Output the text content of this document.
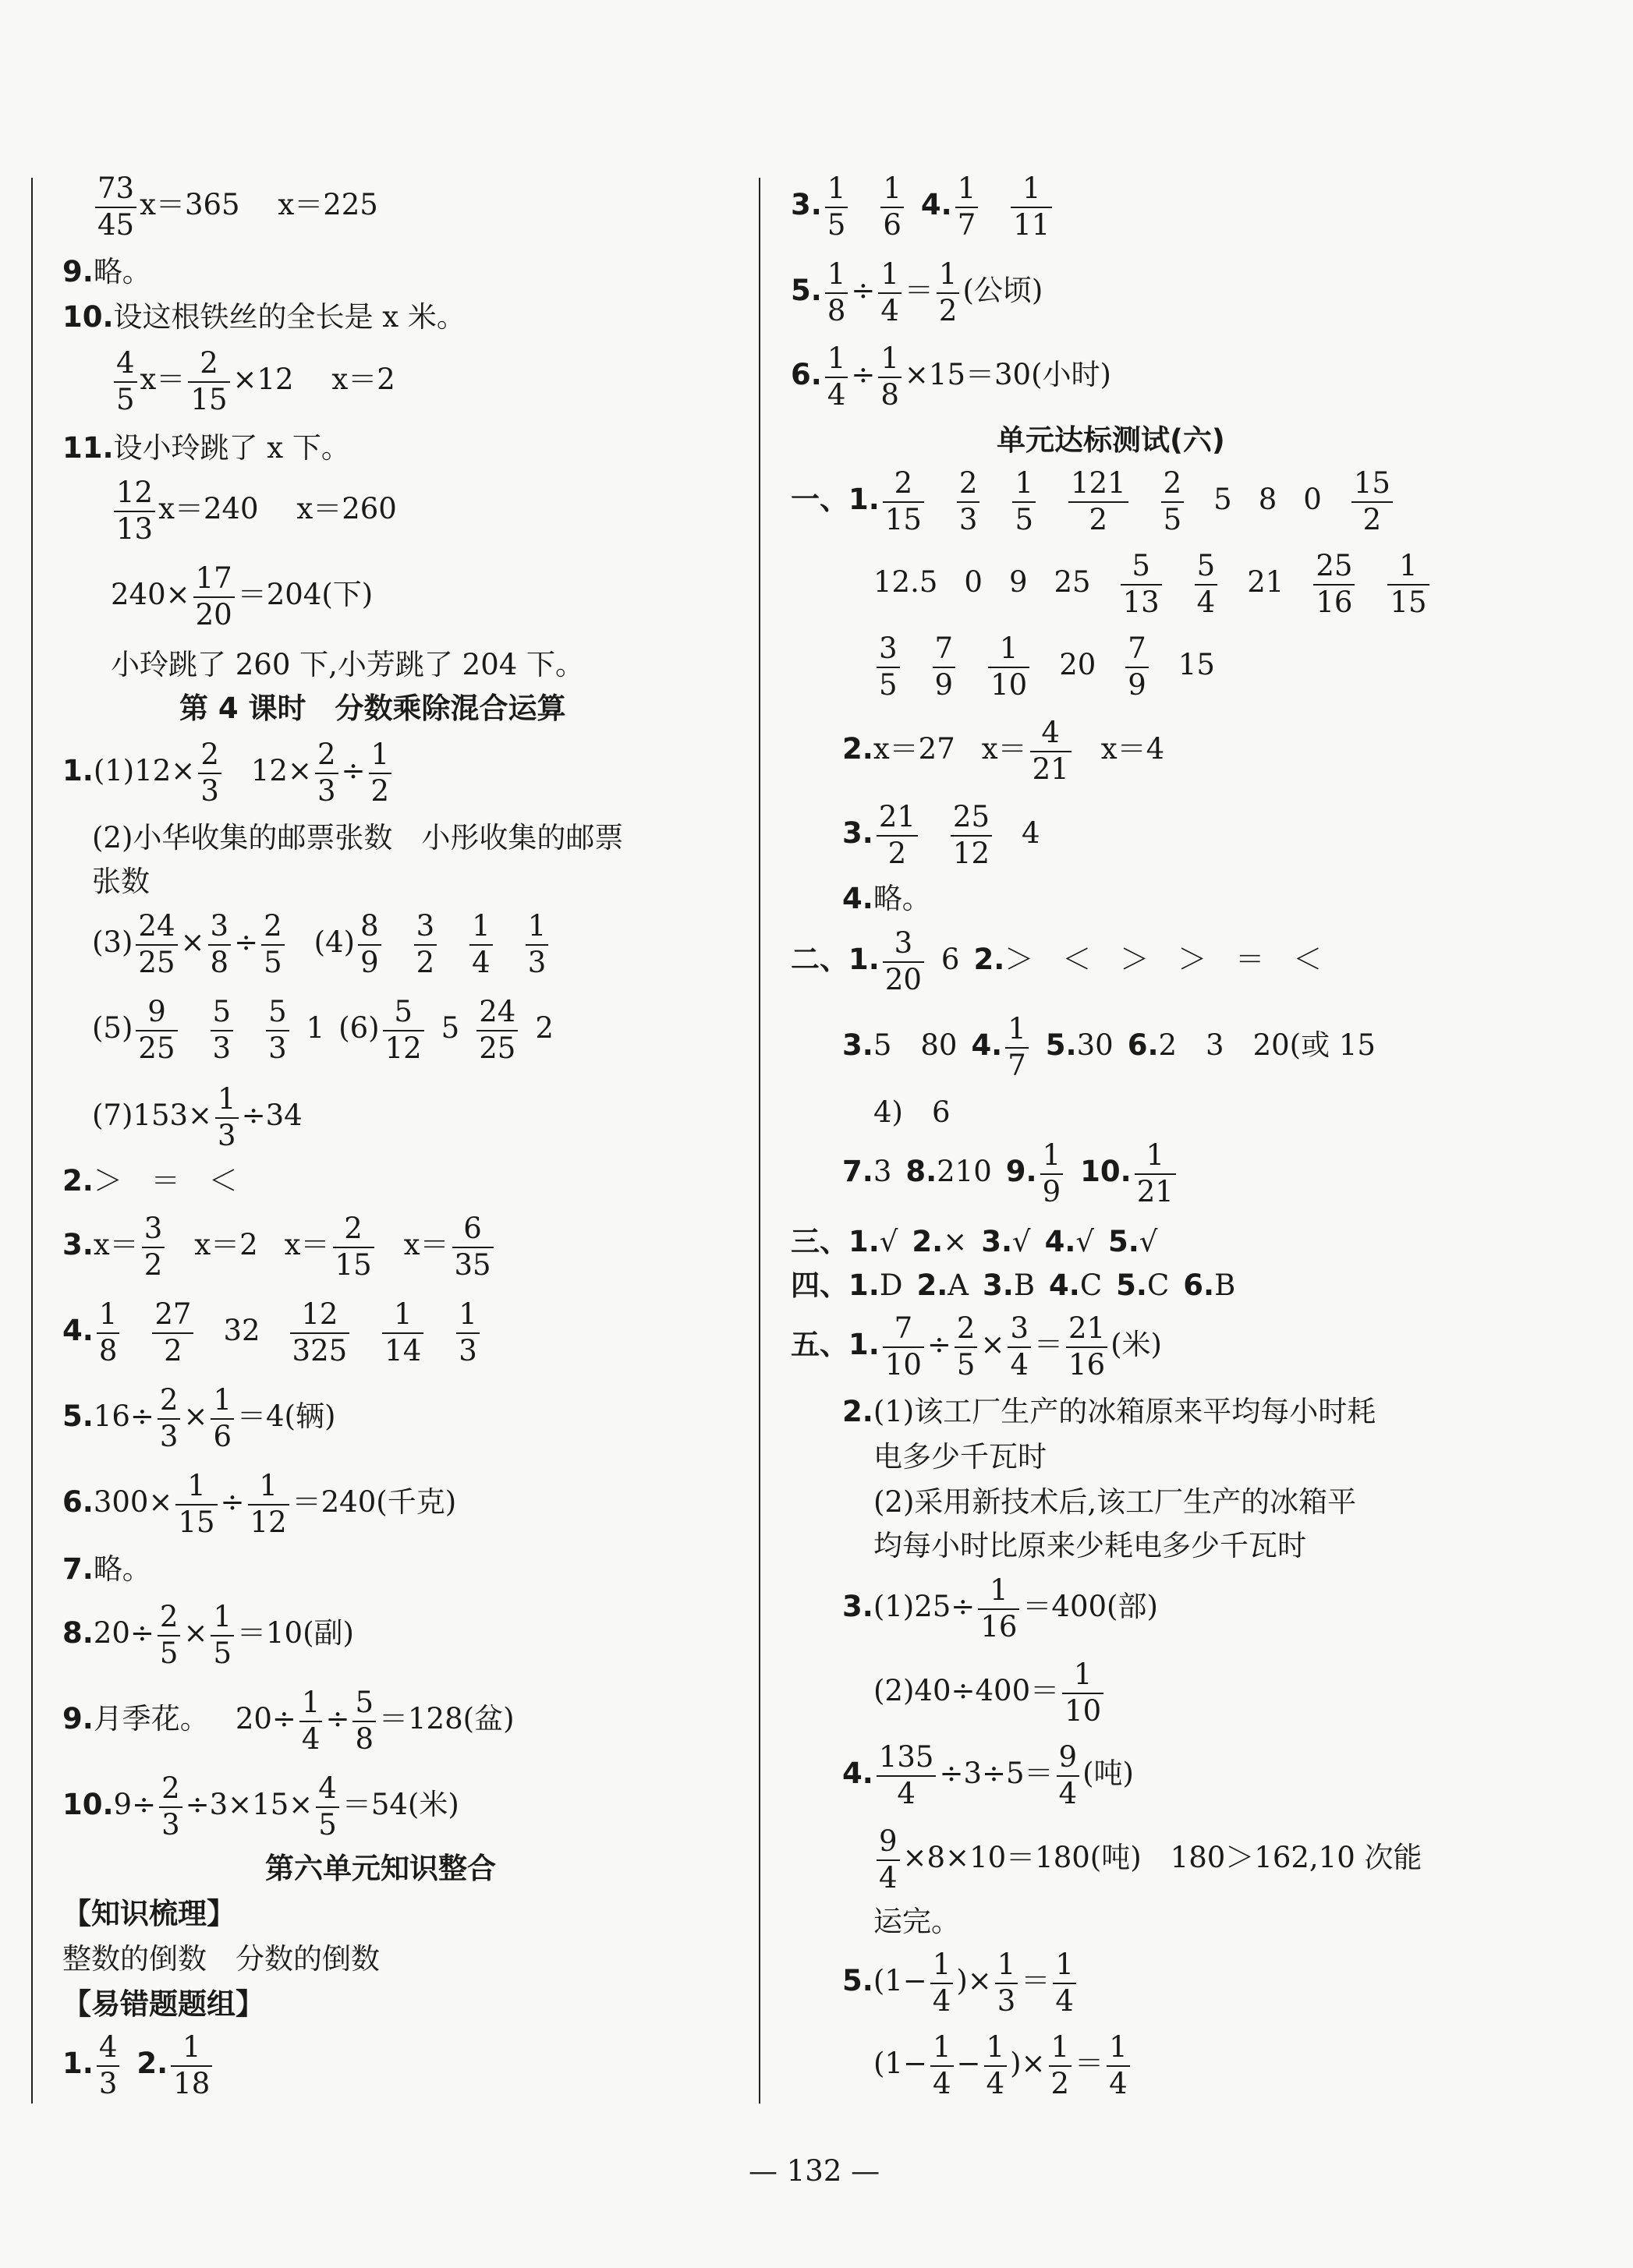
$\frac{73}{45} x=365$　 x＝225
9.略。
10.设这根铁丝的全长是 x 米。
$\frac{4}{5} x= \frac{2}{15} \times 12$　 x＝2
11.设小玲跳了 x 下。
$\frac{12}{13} x=240$　 x＝260
$240\times \frac{17}{20} =204$(下)
小玲跳了 260 下,小芳跳了 204 下。
第 4 课时　分数乘除混合运算
$1.(1)12\times \frac{2}{3} 12\times \frac{2}{3} \div \frac{1}{2}$
(2)小华收集的邮票张数　小彤收集的邮票
张数
$(3) \frac{24}{25} \times \frac{3}{8} \div \frac{2}{5} (4) \frac{8}{9} \frac{3}{2} \frac{1}{4} \frac{1}{3}$
$(5) \frac{9}{25} \frac{5}{3} \frac{5}{3} 1$ $(6) \frac{5}{12} 5 \frac{24}{25} 2$
$(7)153\times \frac{1}{3} \div 34$
2.＞　＝　＜
$3.x= \frac{3}{2} x=2$ $x= \frac{2}{15} x= \frac{6}{35}$
4. $\frac{1}{8} \frac{27}{2} 32 \frac{12}{325} \frac{1}{14} \frac{1}{3}$
$5.16\div \frac{2}{3} \times \frac{1}{6} =4$(辆)
$6.300\times \frac{1}{15} \div \frac{1}{12} =240$(千克)
7.略。
$8.20\div \frac{2}{5} \times \frac{1}{5} =10$(副)
9.月季花。 $20\div \frac{1}{4} \div \frac{5}{8} =128$(盆)
$10.9\div \frac{2}{3} \div 3\times 15\times \frac{4}{5} =54$(米)
第六单元知识整合
【知识梳理】
整数的倒数　分数的倒数
【易错题题组】
1. $\frac{4}{3} 2$. $\frac{1}{18}$
3. $\frac{1}{5} \frac{1}{6} 4$. $\frac{1}{7} \frac{1}{11}$
5. $\frac{1}{8} \div \frac{1}{4} = \frac{1}{2}$ (公顷)
6. $\frac{1}{4} \div \frac{1}{8} \times 15=30$(小时)
单元达标测试(六)
一、1. $\frac{2}{15} \frac{2}{3} \frac{1}{5} \frac{121}{2} \frac{2}{5} 5$ 8 $0 \frac{15}{2}$
12.5 0 9 $25 \frac{5}{13} \frac{5}{4} 21 \frac{25}{16} \frac{1}{15}$
$\frac{3}{5} \frac{7}{9} \frac{1}{10} 20 \frac{7}{9} 15$
2.x＝27 $x= \frac{4}{21} x=4$
3. $\frac{21}{2} \frac{25}{12} 4$
4.略。
二、1. $\frac{3}{20} 6$ 2.＞　＜　＞　＞　＝　＜
3.5　80 4. $\frac{1}{7} 5.30$ 6.2　3　20(或 15
4)　6
7.3 8.210 9. $\frac{1}{9} 10$. $\frac{1}{21}$
三、1.√ 2.× 3.√ 4.√ 5.√
四、1.D 2.A 3.B 4.C 5.C 6.B
五、1. $\frac{7}{10} \div \frac{2}{5} \times \frac{3}{4} = \frac{21}{16}$ (米)
2.(1)该工厂生产的冰箱原来平均每小时耗
电多少千瓦时
(2)采用新技术后,该工厂生产的冰箱平
均每小时比原来少耗电多少千瓦时
$3.(1)25\div \frac{1}{16} =400$(部)
$(2)40\div 400= \frac{1}{10}$
4. $\frac{135}{4} \div 3\div 5= \frac{9}{4}$ (吨)
$\frac{9}{4} \times 8\times 10=180$(吨)　180＞162,10 次能
运完。
$5.(1- \frac{1}{4}$ )× $\frac{1}{3} = \frac{1}{4}$
($1- \frac{1}{4} - \frac{1}{4}$ )× $\frac{1}{2} = \frac{1}{4}$
— 132 —
